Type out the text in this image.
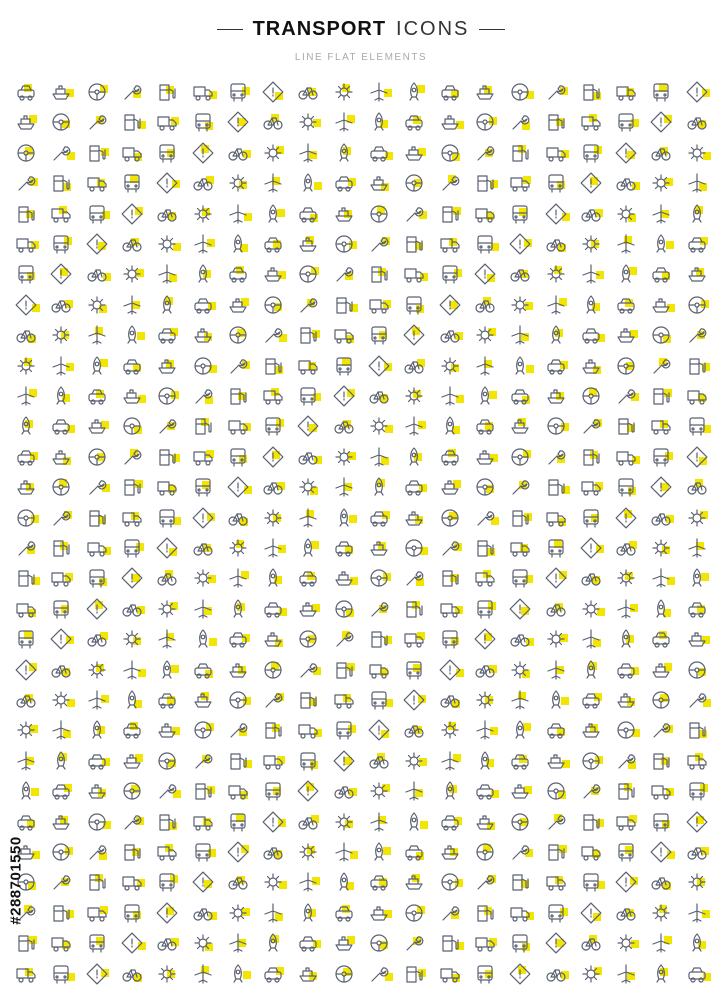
TRANSPORT ICONS
LINE FLAT ELEMENTS
#288701550
